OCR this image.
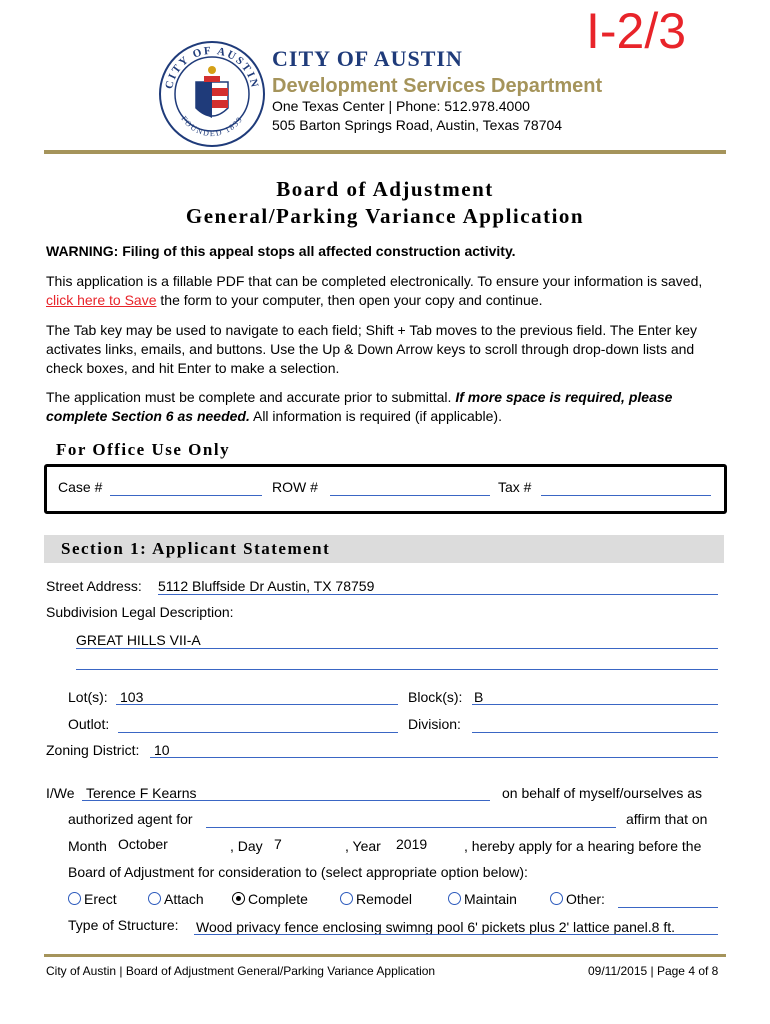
I-2/3
CITY OF AUSTIN
FOUNDED 1839
CITY OF AUSTIN
Development Services Department
One Texas Center | Phone: 512.978.4000
505 Barton Springs Road, Austin, Texas 78704
Board of Adjustment
General/Parking Variance Application
WARNING: Filing of this appeal stops all affected construction activity.
This application is a fillable PDF that can be completed electronically. To ensure your information is saved, click here to Save the form to your computer, then open your copy and continue.
The Tab key may be used to navigate to each field; Shift + Tab moves to the previous field. The Enter key activates links, emails, and buttons. Use the Up & Down Arrow keys to scroll through drop-down lists and check boxes, and hit Enter to make a selection.
The application must be complete and accurate prior to submittal. If more space is required, please complete Section 6 as needed. All information is required (if applicable).
For Office Use Only
Case #	ROW #	Tax #
Section 1: Applicant Statement
Street Address: 5112 Bluffside Dr Austin, TX 78759
Subdivision Legal Description:
GREAT HILLS VII-A
Lot(s): 103	Block(s): B
Outlot:	Division:
Zoning District: 10
I/We Terence F Kearns	on behalf of myself/ourselves as
authorized agent for	affirm that on
Month October	, Day 7	, Year 2019	, hereby apply for a hearing before the
Board of Adjustment for consideration to (select appropriate option below):
Erect	Attach	Complete	Remodel	Maintain	Other:
Type of Structure: Wood privacy fence enclosing swimng pool 6' pickets plus 2' lattice panel.8 ft.
City of Austin | Board of Adjustment General/Parking Variance Application	09/11/2015 | Page 4 of 8
